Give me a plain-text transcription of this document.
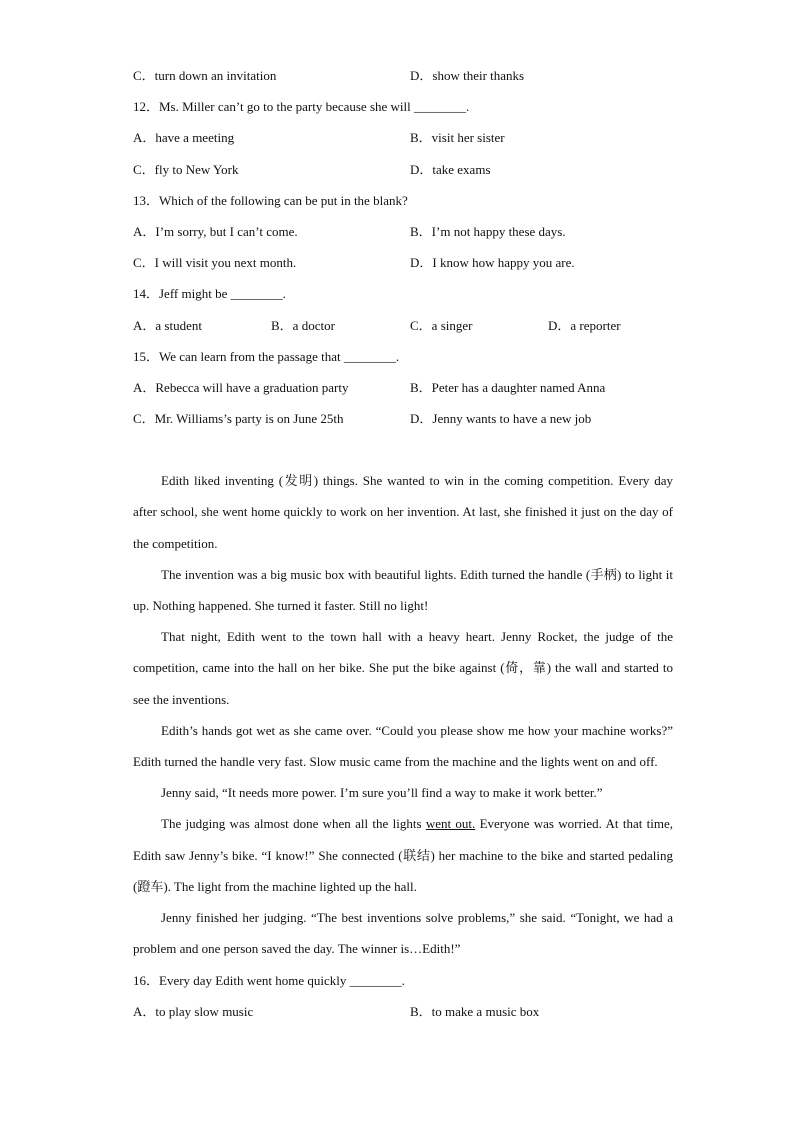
C．turn down an invitation	D．show their thanks
12．Ms. Miller can’t go to the party because she will ________.
A．have a meeting	B．visit her sister
C．fly to New York	D．take exams
13．Which of the following can be put in the blank?
A．I’m sorry, but I can’t come.	B．I’m not happy these days.
C．I will visit you next month.	D．I know how happy you are.
14．Jeff might be ________.
A．a student	B．a doctor	C．a singer	D．a reporter
15．We can learn from the passage that ________.
A．Rebecca will have a graduation party	B．Peter has a daughter named Anna
C．Mr. Williams’s party is on June 25th	D．Jenny wants to have a new job

Edith liked inventing (发明) things. She wanted to win in the coming competition. Every day after school, she went home quickly to work on her invention. At last, she finished it just on the day of the competition.

The invention was a big music box with beautiful lights. Edith turned the handle (手柄) to light it up. Nothing happened. She turned it faster. Still no light!

That night, Edith went to the town hall with a heavy heart. Jenny Rocket, the judge of the competition, came into the hall on her bike. She put the bike against (倚，靠) the wall and started to see the inventions.

Edith’s hands got wet as she came over. “Could you please show me how your machine works?” Edith turned the handle very fast. Slow music came from the machine and the lights went on and off.

Jenny said, “It needs more power. I’m sure you’ll find a way to make it work better.”

The judging was almost done when all the lights went out. Everyone was worried. At that time, Edith saw Jenny’s bike. “I know!” She connected (联结) her machine to the bike and started pedaling (蹬车). The light from the machine lighted up the hall.

Jenny finished her judging. “The best inventions solve problems,” she said. “Tonight, we had a problem and one person saved the day. The winner is…Edith!”

16．Every day Edith went home quickly ________.
A．to play slow music	B．to make a music box
